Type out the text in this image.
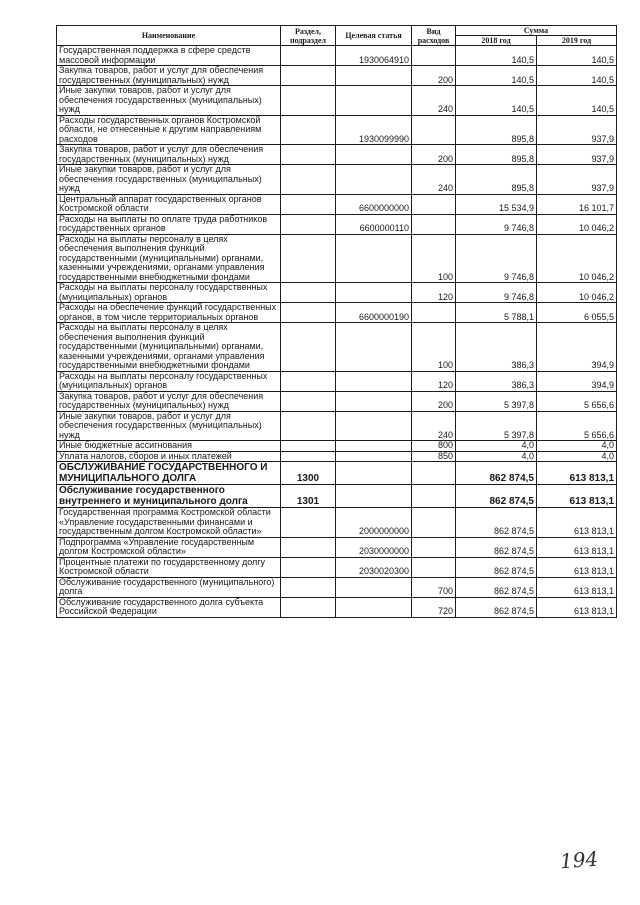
Наименование	Раздел, подраздел	Целевая статья	Вид расходов	Сумма	
				2018 год	2019 год
Государственная поддержка в сфере средств массовой информации		1930064910		140,5	140,5
Закупка товаров, работ и услуг для обеспечения государственных (муниципальных) нужд			200	140,5	140,5
Иные закупки товаров, работ и услуг для обеспечения государственных (муниципальных) нужд			240	140,5	140,5
Расходы государственных органов Костромской области, не отнесенные к другим направлениям расходов		1930099990		895,8	937,9
Закупка товаров, работ и услуг для обеспечения государственных (муниципальных) нужд			200	895,8	937,9
Иные закупки товаров, работ и услуг для обеспечения государственных (муниципальных) нужд			240	895,8	937,9
Центральный аппарат государственных органов Костромской области		6600000000		15 534,9	16 101,7
Расходы на выплаты по оплате труда работников государственных органов		6600000110		9 746,8	10 046,2
Расходы на выплаты персоналу в целях обеспечения выполнения функций государственными (муниципальными) органами, казенными учреждениями, органами управления государственными внебюджетными фондами			100	9 746,8	10 046,2
Расходы на выплаты персоналу государственных (муниципальных) органов			120	9 746,8	10 046,2
Расходы на обеспечение функций государственных органов, в том числе территориальных органов		6600000190		5 788,1	6 055,5
Расходы на выплаты персоналу в целях обеспечения выполнения функций государственными (муниципальными) органами, казенными учреждениями, органами управления государственными внебюджетными фондами			100	386,3	394,9
Расходы на выплаты персоналу государственных (муниципальных) органов			120	386,3	394,9
Закупка товаров, работ и услуг для обеспечения государственных (муниципальных) нужд			200	5 397,8	5 656,6
Иные закупки товаров, работ и услуг для обеспечения государственных (муниципальных) нужд			240	5 397,8	5 656,6
Иные бюджетные ассигнования			800	4,0	4,0
Уплата налогов, сборов и иных платежей			850	4,0	4,0
ОБСЛУЖИВАНИЕ ГОСУДАРСТВЕННОГО И МУНИЦИПАЛЬНОГО ДОЛГА	1300			862 874,5	613 813,1
Обслуживание государственного внутреннего и муниципального долга	1301			862 874,5	613 813,1
Государственная программа Костромской области «Управление государственными финансами и государственным долгом Костромской области»		2000000000		862 874,5	613 813,1
Подпрограмма «Управление государственным долгом Костромской области»		2030000000		862 874,5	613 813,1
Процентные платежи по государственному долгу Костромской области		2030020300		862 874,5	613 813,1
Обслуживание государственного (муниципального) долга			700	862 874,5	613 813,1
Обслуживание государственного долга субъекта Российской Федерации			720	862 874,5	613 813,1
194
